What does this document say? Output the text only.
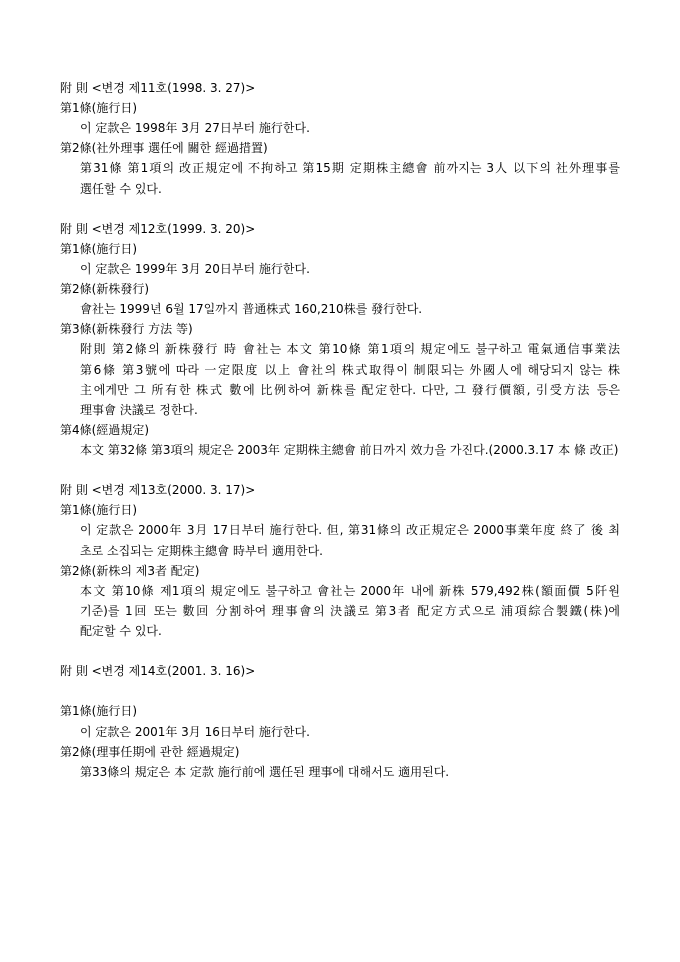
附 則 <변경 제11호(1998. 3. 27)>
第1條(施行日)
이 定款은 1998年 3月 27日부터 施行한다.
第2條(社外理事 選任에 關한 經過措置)
第31條 第1項의 改正規定에 不拘하고 第15期 定期株主總會 前까지는 3人 以下의 社外理事를
選任할 수 있다.
附 則 <변경 제12호(1999. 3. 20)>
第1條(施行日)
이 定款은 1999年 3月 20日부터 施行한다.
第2條(新株發行)
會社는 1999년 6월 17일까지 普通株式 160,210株를 發行한다.
第3條(新株發行 方法 等)
附則 第2條의 新株發行 時 會社는 本文 第10條 第1項의 規定에도 불구하고 電氣通信事業法
第6條 第3號에 따라 一定限度 以上 會社의 株式取得이 制限되는 外國人에 해당되지 않는 株
主에게만 그 所有한 株式 數에 比例하여 新株를 配定한다. 다만, 그 發行價額, 引受方法 등은
理事會 決議로 정한다.
第4條(經過規定)
本文 第32條 第3項의 規定은 2003年 定期株主總會 前日까지 效力을 가진다.(2000.3.17 本 條 改正)
附 則 <변경 제13호(2000. 3. 17)>
第1條(施行日)
이 定款은 2000年 3月 17日부터 施行한다. 但, 第31條의 改正規定은 2000事業年度 終了 後 최
초로 소집되는 定期株主總會 時부터 適用한다.
第2條(新株의 제3者 配定)
本文 第10條 제1項의 規定에도 불구하고 會社는 2000年 내에 新株 579,492株(額面價 5阡원
기준)를 1回 또는 數回 分割하여 理事會의 決議로 第3者 配定方式으로 浦項綜合製鐵(株)에
配定할 수 있다.
附 則 <변경 제14호(2001. 3. 16)>
第1條(施行日)
이 定款은 2001年 3月 16日부터 施行한다.
第2條(理事任期에 관한 經過規定)
第33條의 規定은 本 定款 施行前에 選任된 理事에 대해서도 適用된다.
